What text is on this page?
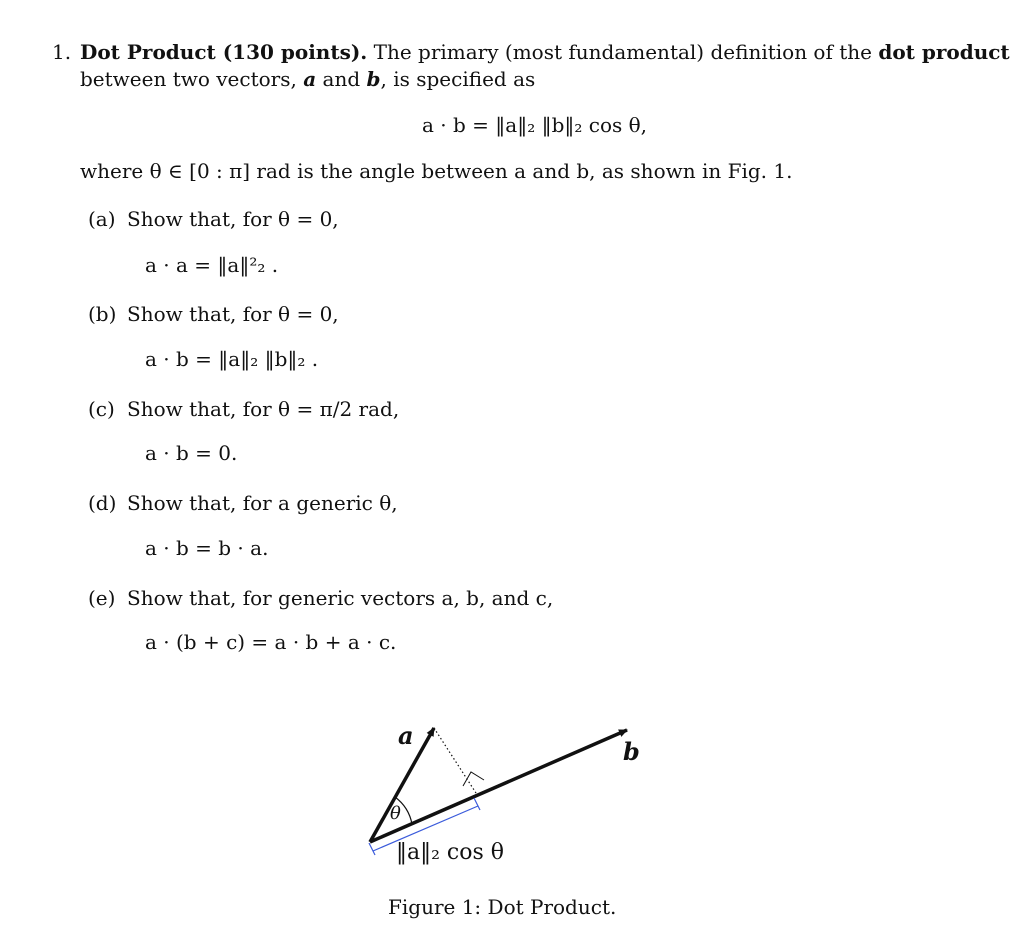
1. Dot Product (130 points). The primary (most fundamental) definition of the dot product
between two vectors, a and b, is specified as
a · b = ‖a‖₂ ‖b‖₂ cos θ,
where θ ∈ [0 : π] rad is the angle between a and b, as shown in Fig. 1.
(a) Show that, for θ = 0,
a · a = ‖a‖²₂ .
(b) Show that, for θ = 0,
a · b = ‖a‖₂ ‖b‖₂ .
(c) Show that, for θ = π/2 rad,
a · b = 0.
(d) Show that, for a generic θ,
a · b = b · a.
(e) Show that, for generic vectors a, b, and c,
a · (b + c) = a · b + a · c.
a
b
θ
‖a‖₂ cos θ
Figure 1: Dot Product.
